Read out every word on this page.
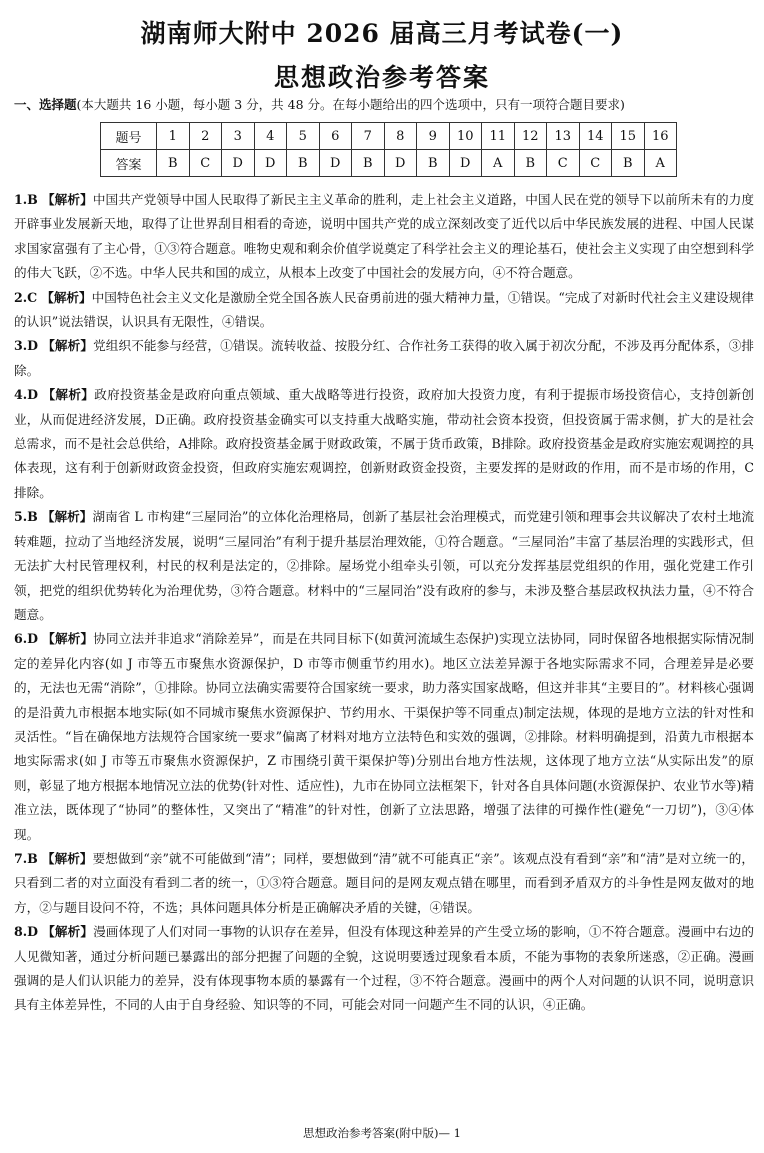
湖南师大附中 2026 届高三月考试卷(一)
思想政治参考答案
一、选择题(本大题共 16 小题，每小题 3 分，共 48 分。在每小题给出的四个选项中，只有一项符合题目要求)
题号	1	2	3	4	5	6	7	8	9	10	11	12	13	14	15	16
答案	B	C	D	D	B	D	B	D	B	D	A	B	C	C	B	A

1.B 【解析】中国共产党领导中国人民取得了新民主主义革命的胜利，走上社会主义道路，中国人民在党的领导下以前所未有的力度开辟事业发展新天地，取得了让世界刮目相看的奇迹，说明中国共产党的成立深刻改变了近代以后中华民族发展的进程、中国人民谋求国家富强有了主心骨，①③符合题意。唯物史观和剩余价值学说奠定了科学社会主义的理论基石，使社会主义实现了由空想到科学的伟大飞跃，②不选。中华人民共和国的成立，从根本上改变了中国社会的发展方向，④不符合题意。

2.C 【解析】中国特色社会主义文化是激励全党全国各族人民奋勇前进的强大精神力量，①错误。“完成了对新时代社会主义建设规律的认识”说法错误，认识具有无限性，④错误。

3.D 【解析】党组织不能参与经营，①错误。流转收益、按股分红、合作社务工获得的收入属于初次分配，不涉及再分配体系，③排除。

4.D 【解析】政府投资基金是政府向重点领域、重大战略等进行投资，政府加大投资力度，有利于提振市场投资信心，支持创新创业，从而促进经济发展，D正确。政府投资基金确实可以支持重大战略实施，带动社会资本投资，但投资属于需求侧，扩大的是社会总需求，而不是社会总供给，A排除。政府投资基金属于财政政策，不属于货币政策，B排除。政府投资基金是政府实施宏观调控的具体表现，这有利于创新财政资金投资，但政府实施宏观调控，创新财政资金投资，主要发挥的是财政的作用，而不是市场的作用，C排除。

5.B 【解析】湖南省 L 市构建“三屋同治”的立体化治理格局，创新了基层社会治理模式，而党建引领和理事会共议解决了农村土地流转难题，拉动了当地经济发展，说明“三屋同治”有利于提升基层治理效能，①符合题意。“三屋同治”丰富了基层治理的实践形式，但无法扩大村民管理权利，村民的权利是法定的，②排除。屋场党小组牵头引领，可以充分发挥基层党组织的作用，强化党建工作引领，把党的组织优势转化为治理优势，③符合题意。材料中的“三屋同治”没有政府的参与，未涉及整合基层政权执法力量，④不符合题意。

6.D 【解析】协同立法并非追求“消除差异”，而是在共同目标下(如黄河流域生态保护)实现立法协同，同时保留各地根据实际情况制定的差异化内容(如 J 市等五市聚焦水资源保护，D 市等市侧重节约用水)。地区立法差异源于各地实际需求不同，合理差异是必要的，无法也无需“消除”，①排除。协同立法确实需要符合国家统一要求，助力落实国家战略，但这并非其“主要目的”。材料核心强调的是沿黄九市根据本地实际(如不同城市聚焦水资源保护、节约用水、干渠保护等不同重点)制定法规，体现的是地方立法的针对性和灵活性。“旨在确保地方法规符合国家统一要求”偏离了材料对地方立法特色和实效的强调，②排除。材料明确提到，沿黄九市根据本地实际需求(如 J 市等五市聚焦水资源保护，Z 市围绕引黄干渠保护等)分别出台地方性法规，这体现了地方立法“从实际出发”的原则，彰显了地方根据本地情况立法的优势(针对性、适应性)，九市在协同立法框架下，针对各自具体问题(水资源保护、农业节水等)精准立法，既体现了“协同”的整体性，又突出了“精准”的针对性，创新了立法思路，增强了法律的可操作性(避免“一刀切”)，③④体现。

7.B 【解析】要想做到“亲”就不可能做到“清”；同样，要想做到“清”就不可能真正“亲”。该观点没有看到“亲”和“清”是对立统一的，只看到二者的对立面没有看到二者的统一，①③符合题意。题目问的是网友观点错在哪里，而看到矛盾双方的斗争性是网友做对的地方，②与题目设问不符，不选；具体问题具体分析是正确解决矛盾的关键，④错误。

8.D 【解析】漫画体现了人们对同一事物的认识存在差异，但没有体现这种差异的产生受立场的影响，①不符合题意。漫画中右边的人见微知著，通过分析问题已暴露出的部分把握了问题的全貌，这说明要透过现象看本质，不能为事物的表象所迷惑，②正确。漫画强调的是人们认识能力的差异，没有体现事物本质的暴露有一个过程，③不符合题意。漫画中的两个人对问题的认识不同，说明意识具有主体差异性，不同的人由于自身经验、知识等的不同，可能会对同一问题产生不同的认识，④正确。

思想政治参考答案(附中版)— 1
